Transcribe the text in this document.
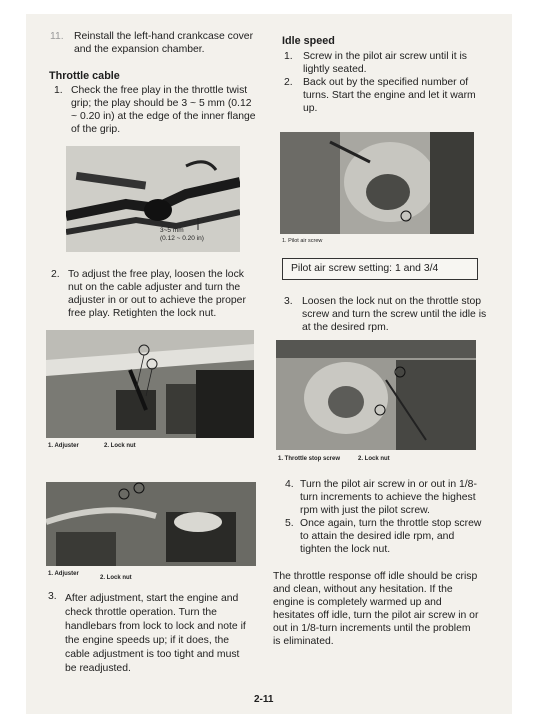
11. Reinstall the left-hand crankcase cover
and the expansion chamber.
Throttle cable
1. Check the free play in the throttle twist
grip; the play should be 3 ~ 5 mm (0.12
~ 0.20 in) at the edge of the inner flange
of the grip.
3~5 mm
(0.12 ~ 0.20 in)
2. To adjust the free play, loosen the lock
nut on the cable adjuster and turn the
adjuster in or out to achieve the proper
free play. Retighten the lock nut.
1. Adjuster	2. Lock nut
1. Adjuster
2. Lock nut
3. After adjustment, start the engine and
check throttle operation. Turn the
handlebars from lock to lock and note if
the engine speeds up; if it does, the
cable adjustment is too tight and must
be readjusted.
Idle speed
1. Screw in the pilot air screw until it is
lightly seated.
2. Back out by the specified number of
turns. Start the engine and let it warm
up.
1. Pilot air screw
Pilot air screw setting: 1 and 3/4
3. Loosen the lock nut on the throttle stop
screw and turn the screw until the idle is
at the desired rpm.
1. Throttle stop screw	2. Lock nut
4. Turn the pilot air screw in or out in 1/8-
turn increments to achieve the highest
rpm with just the pilot screw.
5. Once again, turn the throttle stop screw
to attain the desired idle rpm, and
tighten the lock nut.
The throttle response off idle should be crisp
and clean, without any hesitation. If the
engine is completely warmed up and
hesitates off idle, turn the pilot air screw in or
out in 1/8-turn increments until the problem
is eliminated.
2-11
